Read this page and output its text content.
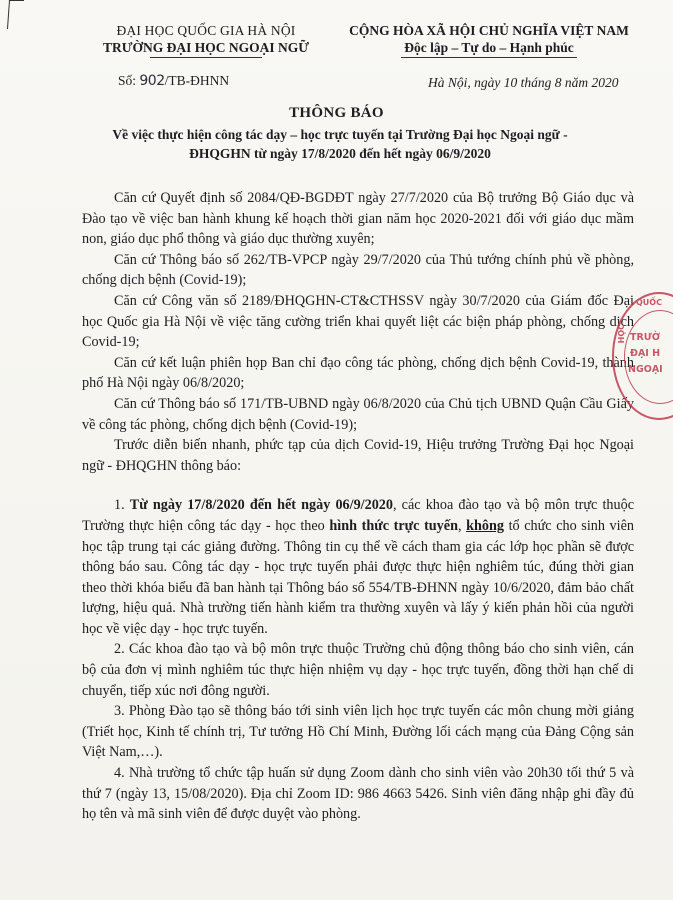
ĐẠI HỌC QUỐC GIA HÀ NỘI
TRƯỜNG ĐẠI HỌC NGOẠI NGỮ
CỘNG HÒA XÃ HỘI CHỦ NGHĨA VIỆT NAM
Độc lập – Tự do – Hạnh phúc
Số: 902/TB-ĐHNN	Hà Nội, ngày 10 tháng 8 năm 2020
THÔNG BÁO
Về việc thực hiện công tác dạy – học trực tuyến tại Trường Đại học Ngoại ngữ -
ĐHQGHN từ ngày 17/8/2020 đến hết ngày 06/9/2020

Căn cứ Quyết định số 2084/QĐ-BGDĐT ngày 27/7/2020 của Bộ trưởng Bộ Giáo dục và Đào tạo về việc ban hành khung kế hoạch thời gian năm học 2020-2021 đối với giáo dục mầm non, giáo dục phổ thông và giáo dục thường xuyên;

Căn cứ Thông báo số 262/TB-VPCP ngày 29/7/2020 của Thủ tướng chính phủ về phòng, chống dịch bệnh (Covid-19);

Căn cứ Công văn số 2189/ĐHQGHN-CT&CTHSSV ngày 30/7/2020 của Giám đốc Đại học Quốc gia Hà Nội về việc tăng cường triển khai quyết liệt các biện pháp phòng, chống dịch Covid-19;

Căn cứ kết luận phiên họp Ban chỉ đạo công tác phòng, chống dịch bệnh Covid-19, thành phố Hà Nội ngày 06/8/2020;

Căn cứ Thông báo số 171/TB-UBND ngày 06/8/2020 của Chủ tịch UBND Quận Cầu Giấy về công tác phòng, chống dịch bệnh (Covid-19);

Trước diễn biến nhanh, phức tạp của dịch Covid-19, Hiệu trưởng Trường Đại học Ngoại ngữ - ĐHQGHN thông báo:

1. Từ ngày 17/8/2020 đến hết ngày 06/9/2020, các khoa đào tạo và bộ môn trực thuộc Trường thực hiện công tác dạy - học theo hình thức trực tuyến, không tổ chức cho sinh viên học tập trung tại các giảng đường. Thông tin cụ thể về cách tham gia các lớp học phần sẽ được thông báo sau. Công tác dạy - học trực tuyến phải được thực hiện nghiêm túc, đúng thời gian theo thời khóa biểu đã ban hành tại Thông báo số 554/TB-ĐHNN ngày 10/6/2020, đảm bảo chất lượng, hiệu quả. Nhà trường tiến hành kiểm tra thường xuyên và lấy ý kiến phản hồi của người học về việc dạy - học trực tuyến.

2. Các khoa đào tạo và bộ môn trực thuộc Trường chủ động thông báo cho sinh viên, cán bộ của đơn vị mình nghiêm túc thực hiện nhiệm vụ dạy - học trực tuyến, đồng thời hạn chế di chuyển, tiếp xúc nơi đông người.

3. Phòng Đào tạo sẽ thông báo tới sinh viên lịch học trực tuyến các môn chung mời giảng (Triết học, Kinh tế chính trị, Tư tưởng Hồ Chí Minh, Đường lối cách mạng của Đảng Cộng sản Việt Nam,…).

4. Nhà trường tổ chức tập huấn sử dụng Zoom dành cho sinh viên vào 20h30 tối thứ 5 và thứ 7 (ngày 13, 15/08/2020). Địa chỉ Zoom ID: 986 4663 5426. Sinh viên đăng nhập ghi đầy đủ họ tên và mã sinh viên để được duyệt vào phòng.

QUỐC
HỌC TRƯỜ
ĐẠI H
NGOẠI
